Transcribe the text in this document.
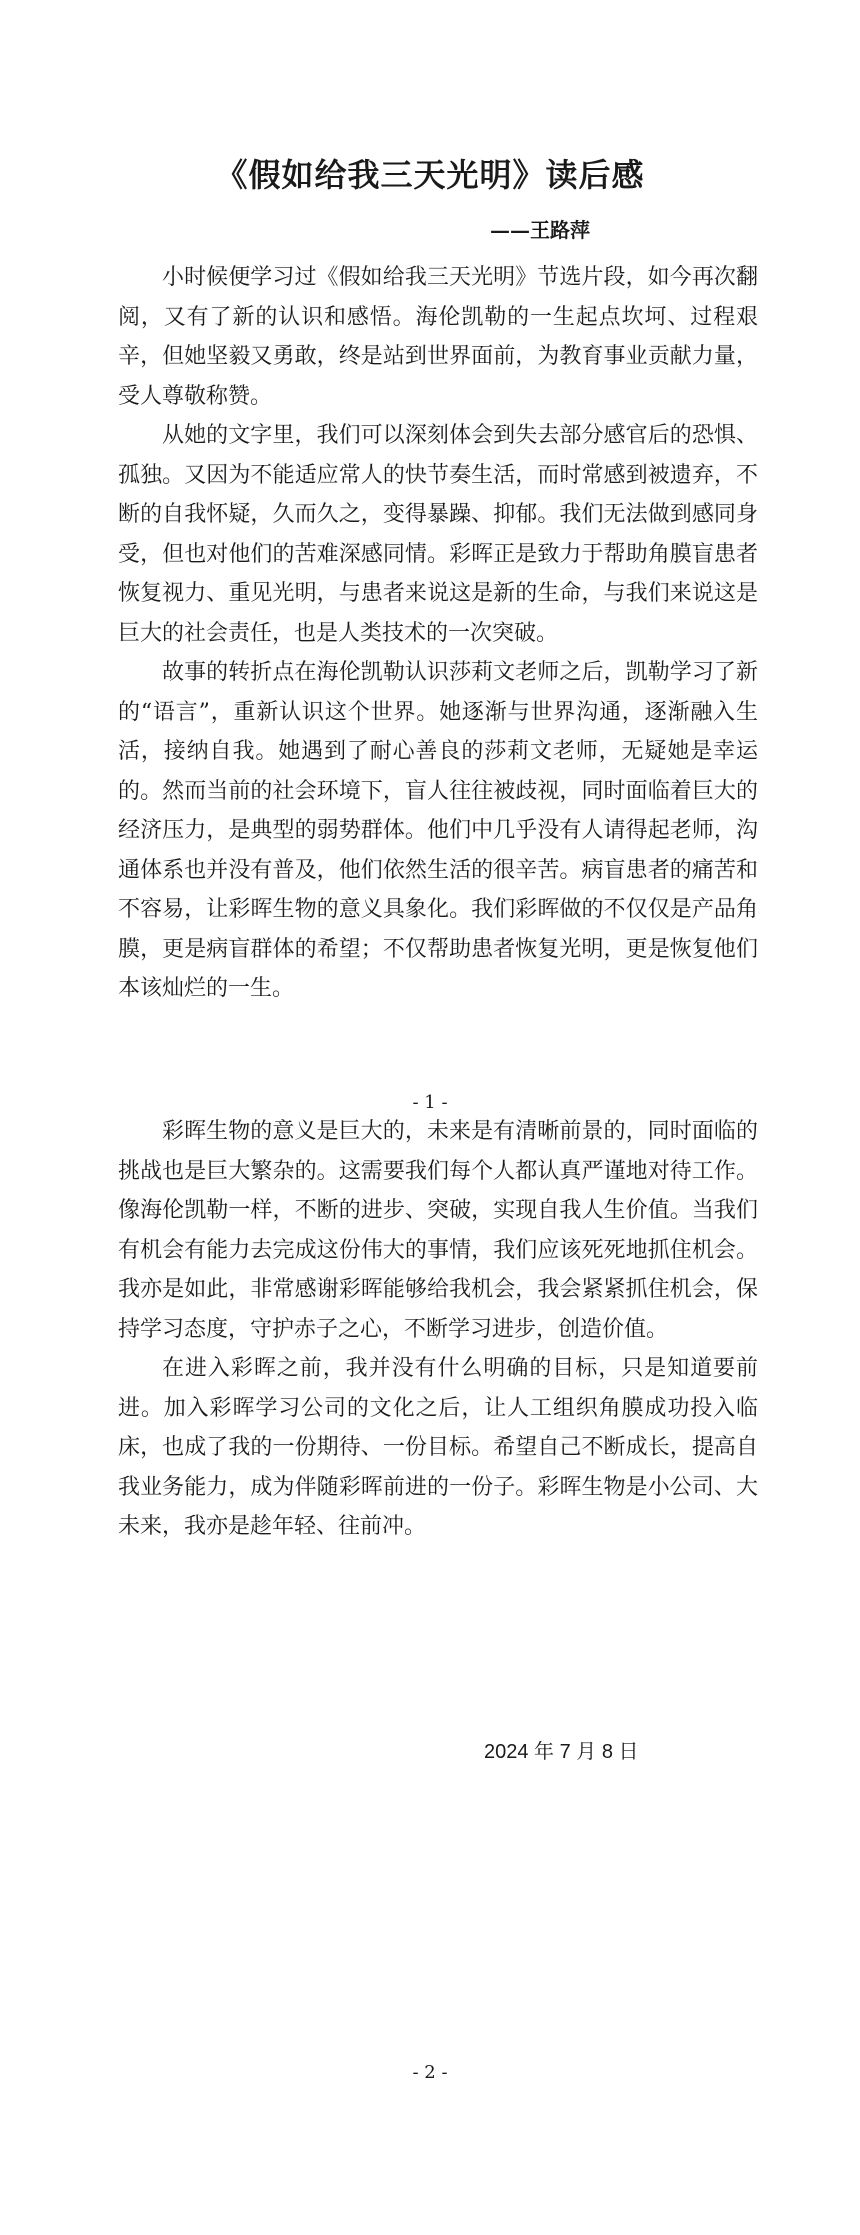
《假如给我三天光明》读后感

——王路萍

小时候便学习过《假如给我三天光明》节选片段，如今再次翻阅，又有了新的认识和感悟。海伦凯勒的一生起点坎坷、过程艰辛，但她坚毅又勇敢，终是站到世界面前，为教育事业贡献力量，受人尊敬称赞。

从她的文字里，我们可以深刻体会到失去部分感官后的恐惧、孤独。又因为不能适应常人的快节奏生活，而时常感到被遗弃，不断的自我怀疑，久而久之，变得暴躁、抑郁。我们无法做到感同身受，但也对他们的苦难深感同情。彩晖正是致力于帮助角膜盲患者恢复视力、重见光明，与患者来说这是新的生命，与我们来说这是巨大的社会责任，也是人类技术的一次突破。

故事的转折点在海伦凯勒认识莎莉文老师之后，凯勒学习了新的“语言”，重新认识这个世界。她逐渐与世界沟通，逐渐融入生活，接纳自我。她遇到了耐心善良的莎莉文老师，无疑她是幸运的。然而当前的社会环境下，盲人往往被歧视，同时面临着巨大的经济压力，是典型的弱势群体。他们中几乎没有人请得起老师，沟通体系也并没有普及，他们依然生活的很辛苦。病盲患者的痛苦和不容易，让彩晖生物的意义具象化。我们彩晖做的不仅仅是产品角膜，更是病盲群体的希望；不仅帮助患者恢复光明，更是恢复他们本该灿烂的一生。

- 1 -

彩晖生物的意义是巨大的，未来是有清晰前景的，同时面临的挑战也是巨大繁杂的。这需要我们每个人都认真严谨地对待工作。像海伦凯勒一样，不断的进步、突破，实现自我人生价值。当我们有机会有能力去完成这份伟大的事情，我们应该死死地抓住机会。我亦是如此，非常感谢彩晖能够给我机会，我会紧紧抓住机会，保持学习态度，守护赤子之心，不断学习进步，创造价值。

在进入彩晖之前，我并没有什么明确的目标，只是知道要前进。加入彩晖学习公司的文化之后，让人工组织角膜成功投入临床，也成了我的一份期待、一份目标。希望自己不断成长，提高自我业务能力，成为伴随彩晖前进的一份子。彩晖生物是小公司、大未来，我亦是趁年轻、往前冲。

2024 年 7 月 8 日

- 2 -
